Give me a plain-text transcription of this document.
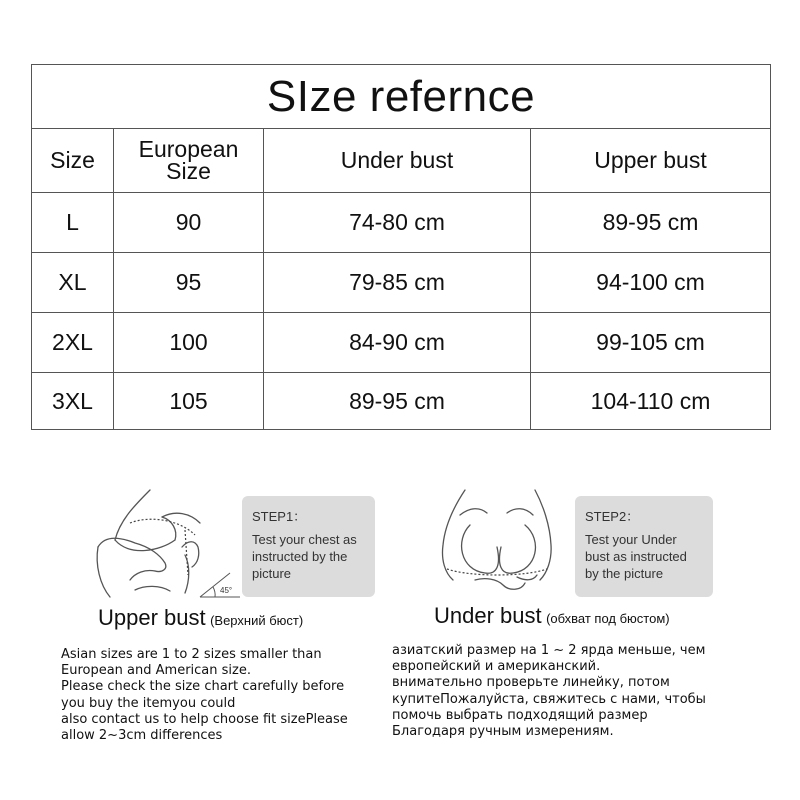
SIze refernce			
Size	European Size	Under bust	Upper bust
L	90	74-80 cm	89-95 cm
XL	95	79-85 cm	94-100 cm
2XL	100	84-90 cm	99-105 cm
3XL	105	89-95 cm	104-110 cm
45°
STEP1：
Test your chest as instructed by the picture
Upper bust (Верхний бюст)
STEP2：
Test your Under bust as instructed by the picture
Under bust (обхват под бюстом)
Asian sizes are 1 to 2 sizes smaller than
European and American size.
Please check the size chart carefully before
you buy the itemyou could
also contact us to help choose fit sizePlease
allow 2~3cm differences
азиатский размер на 1 ~ 2 ярда меньше, чем
европейский и американский.
внимательно проверьте линейку, потом
купитеПожалуйста, свяжитесь с нами, чтобы
помочь выбрать подходящий размер
Благодаря ручным измерениям.
